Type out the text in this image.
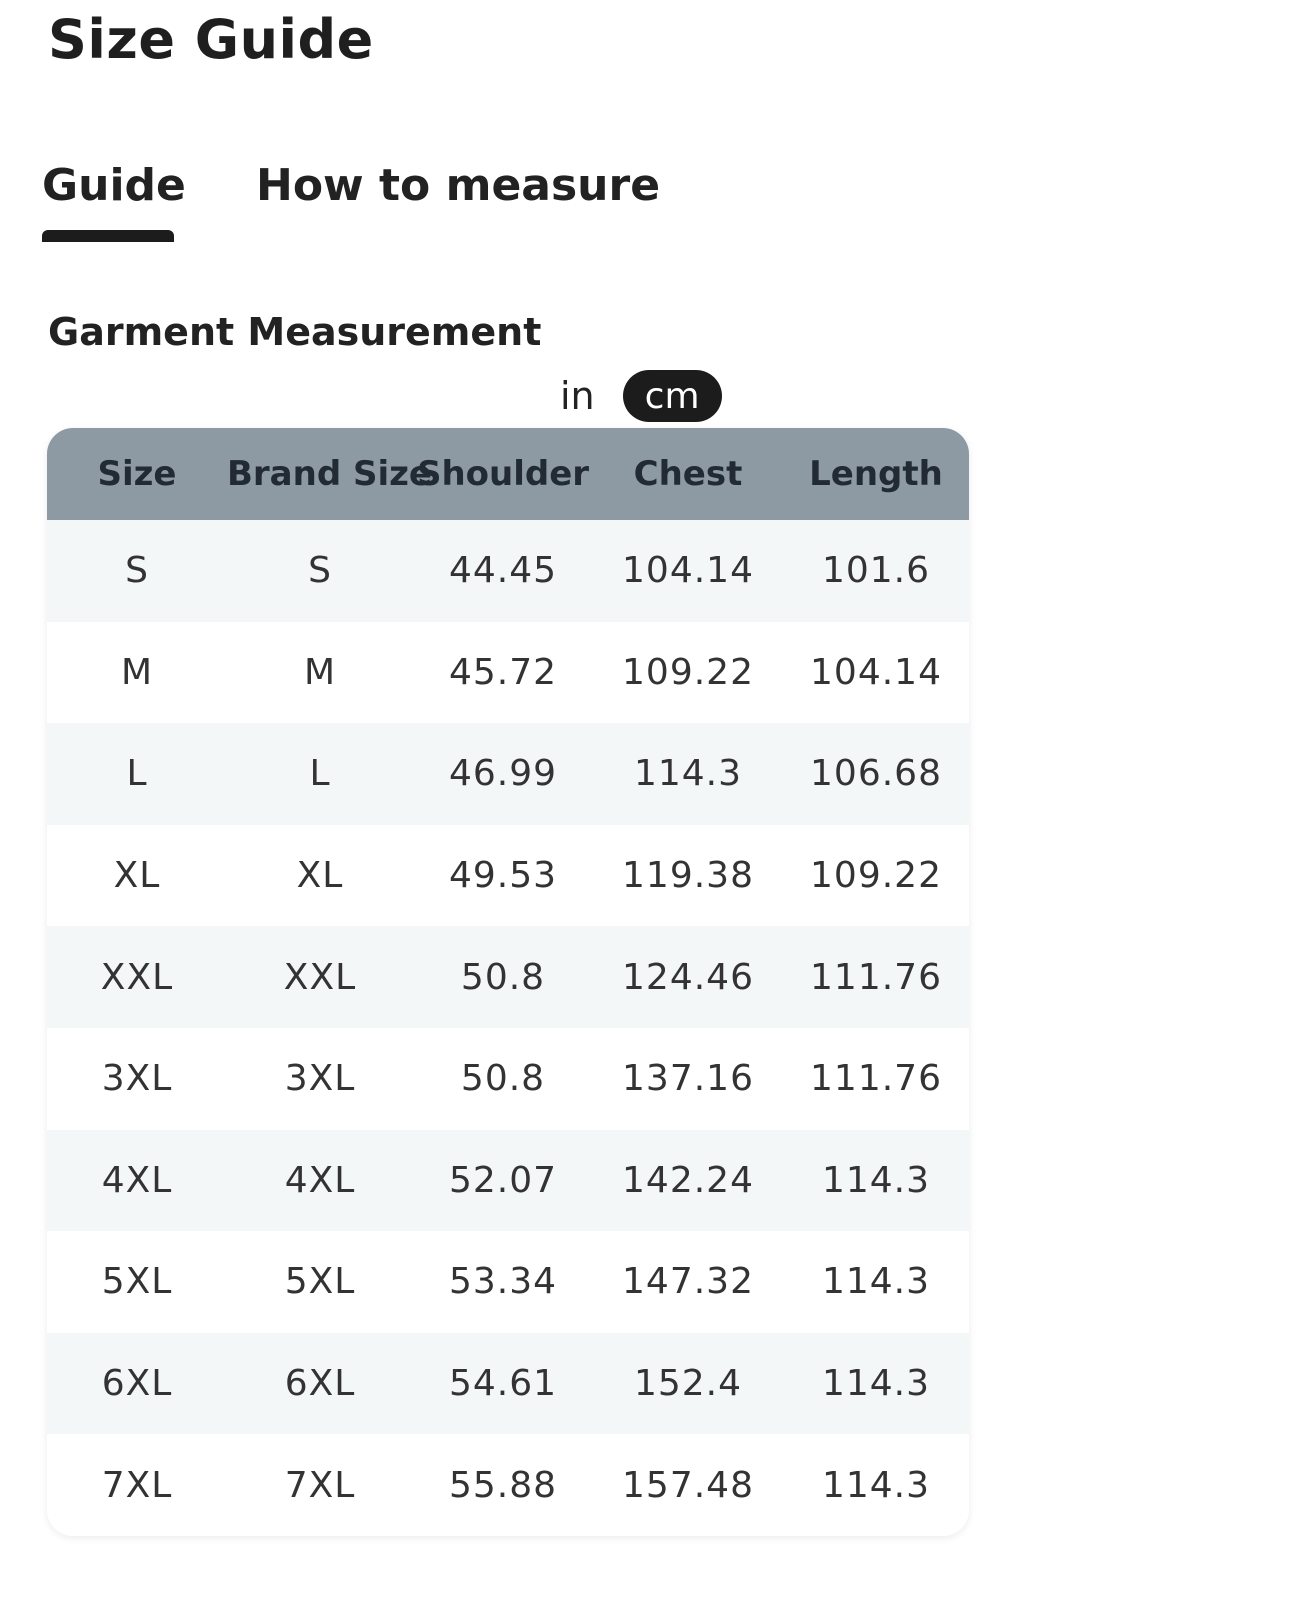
Size Guide
Guide How to measure
Garment Measurement
in	cm
Size	Brand Size	Shoulder	Chest	Length
S	S	44.45	104.14	101.6
M	M	45.72	109.22	104.14
L	L	46.99	114.3	106.68
XL	XL	49.53	119.38	109.22
XXL	XXL	50.8	124.46	111.76
3XL	3XL	50.8	137.16	111.76
4XL	4XL	52.07	142.24	114.3
5XL	5XL	53.34	147.32	114.3
6XL	6XL	54.61	152.4	114.3
7XL	7XL	55.88	157.48	114.3
